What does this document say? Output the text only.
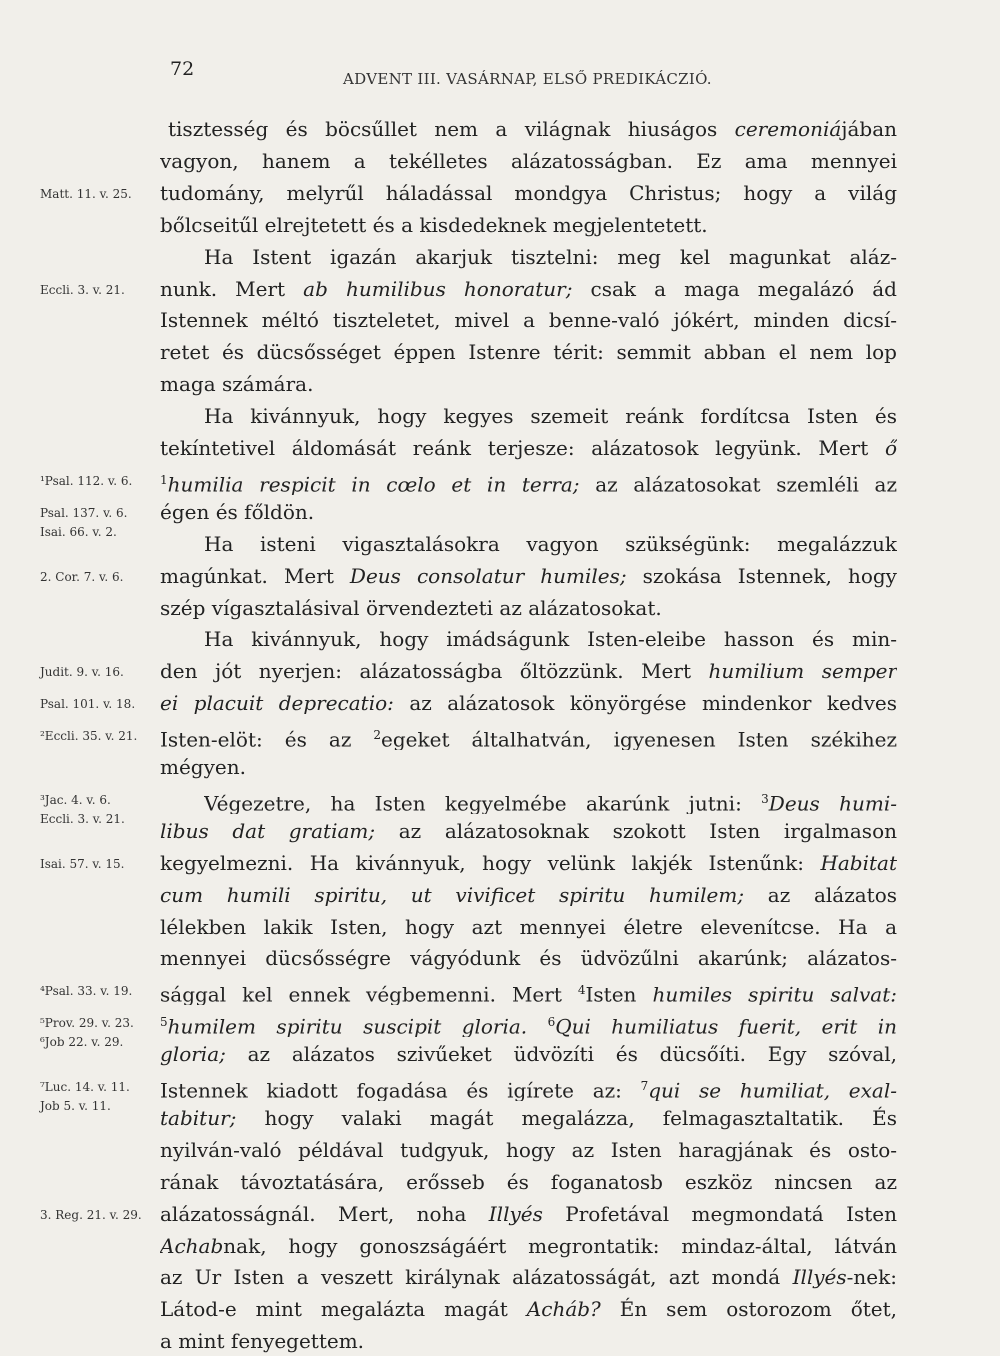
72	ADVENT III. VASÁRNAP, ELSŐ PREDIKÁCZIÓ.
tisztesség és böcsűllet nem a világnak hiuságos ceremoniájában
vagyon, hanem a tekélletes alázatosságban. Ez ama mennyei
tudomány, melyrűl háladással mondgya Christus; hogy a világ
bőlcseitűl elrejtetett és a kisdedeknek megjelentetett.
Ha Istent igazán akarjuk tisztelni: meg kel magunkat aláz-
nunk. Mert ab humilibus honoratur; csak a maga megalázó ád
Istennek méltó tiszteletet, mivel a benne-való jókért, minden dicsí-
retet és dücsősséget éppen Istenre térit: semmit abban el nem lop
maga számára.
Ha kivánnyuk, hogy kegyes szemeit reánk fordítcsa Isten és
tekíntetivel áldomását reánk terjesze: alázatosok legyünk. Mert ő
$^1$humilia respicit in cœlo et in terra; az alázatosokat szemléli az
égen és főldön.
Ha isteni vigasztalásokra vagyon szükségünk: megalázzuk
magúnkat. Mert Deus consolatur humiles; szokása Istennek, hogy
szép vígasztalásival örvendezteti az alázatosokat.
Ha kivánnyuk, hogy imádságunk Isten-eleibe hasson és min-
den jót nyerjen: alázatosságba őltözzünk. Mert humilium semper
ei placuit deprecatio: az alázatosok könyörgése mindenkor kedves
Isten-elöt: és az $^2$egeket általhatván, igyenesen Isten székihez
mégyen.
Végezetre, ha Isten kegyelmébe akarúnk jutni: $^3$Deus humi-
libus dat gratiam; az alázatosoknak szokott Isten irgalmason
kegyelmezni. Ha kivánnyuk, hogy velünk lakjék Istenűnk: Habitat
cum humili spiritu, ut vivificet spiritu humilem; az alázatos
lélekben lakik Isten, hogy azt mennyei életre elevenítcse. Ha a
mennyei dücsősségre vágyódunk és üdvözűlni akarúnk; alázatos-
sággal kel ennek végbemenni. Mert $^4$Isten humiles spiritu salvat:
$^5$humilem spiritu suscipit gloria. $^6$Qui humiliatus fuerit, erit in
gloria; az alázatos szivűeket üdvözíti és dücsőíti. Egy szóval,
Istennek kiadott fogadása és igírete az: $^7$qui se humiliat, exal-
tabitur; hogy valaki magát megalázza, felmagasztaltatik. És
nyilván-való példával tudgyuk, hogy az Isten haragjának és osto-
rának távoztatására, erősseb és foganatosb eszköz nincsen az
alázatosságnál. Mert, noha Illyés Profetával megmondatá Isten
Achabnak, hogy gonoszságáért megrontatik: mindaz-által, látván
az Ur Isten a veszett királynak alázatosságát, azt mondá Illyés-nek:
Látod-e mint megalázta magát Acháb? Én sem ostorozom őtet,
a mint fenyegettem.
Matt. 11. v. 25.
Eccli. 3. v. 21.
¹Psal. 112. v. 6.
Psal. 137. v. 6.
Isai. 66. v. 2.
2. Cor. 7. v. 6.
Judit. 9. v. 16.
Psal. 101. v. 18.
²Eccli. 35. v. 21.
³Jac. 4. v. 6.
Eccli. 3. v. 21.
Isai. 57. v. 15.
⁴Psal. 33. v. 19.
⁵Prov. 29. v. 23.
⁶Job 22. v. 29.
⁷Luc. 14. v. 11.
Job 5. v. 11.
3. Reg. 21. v. 29.
